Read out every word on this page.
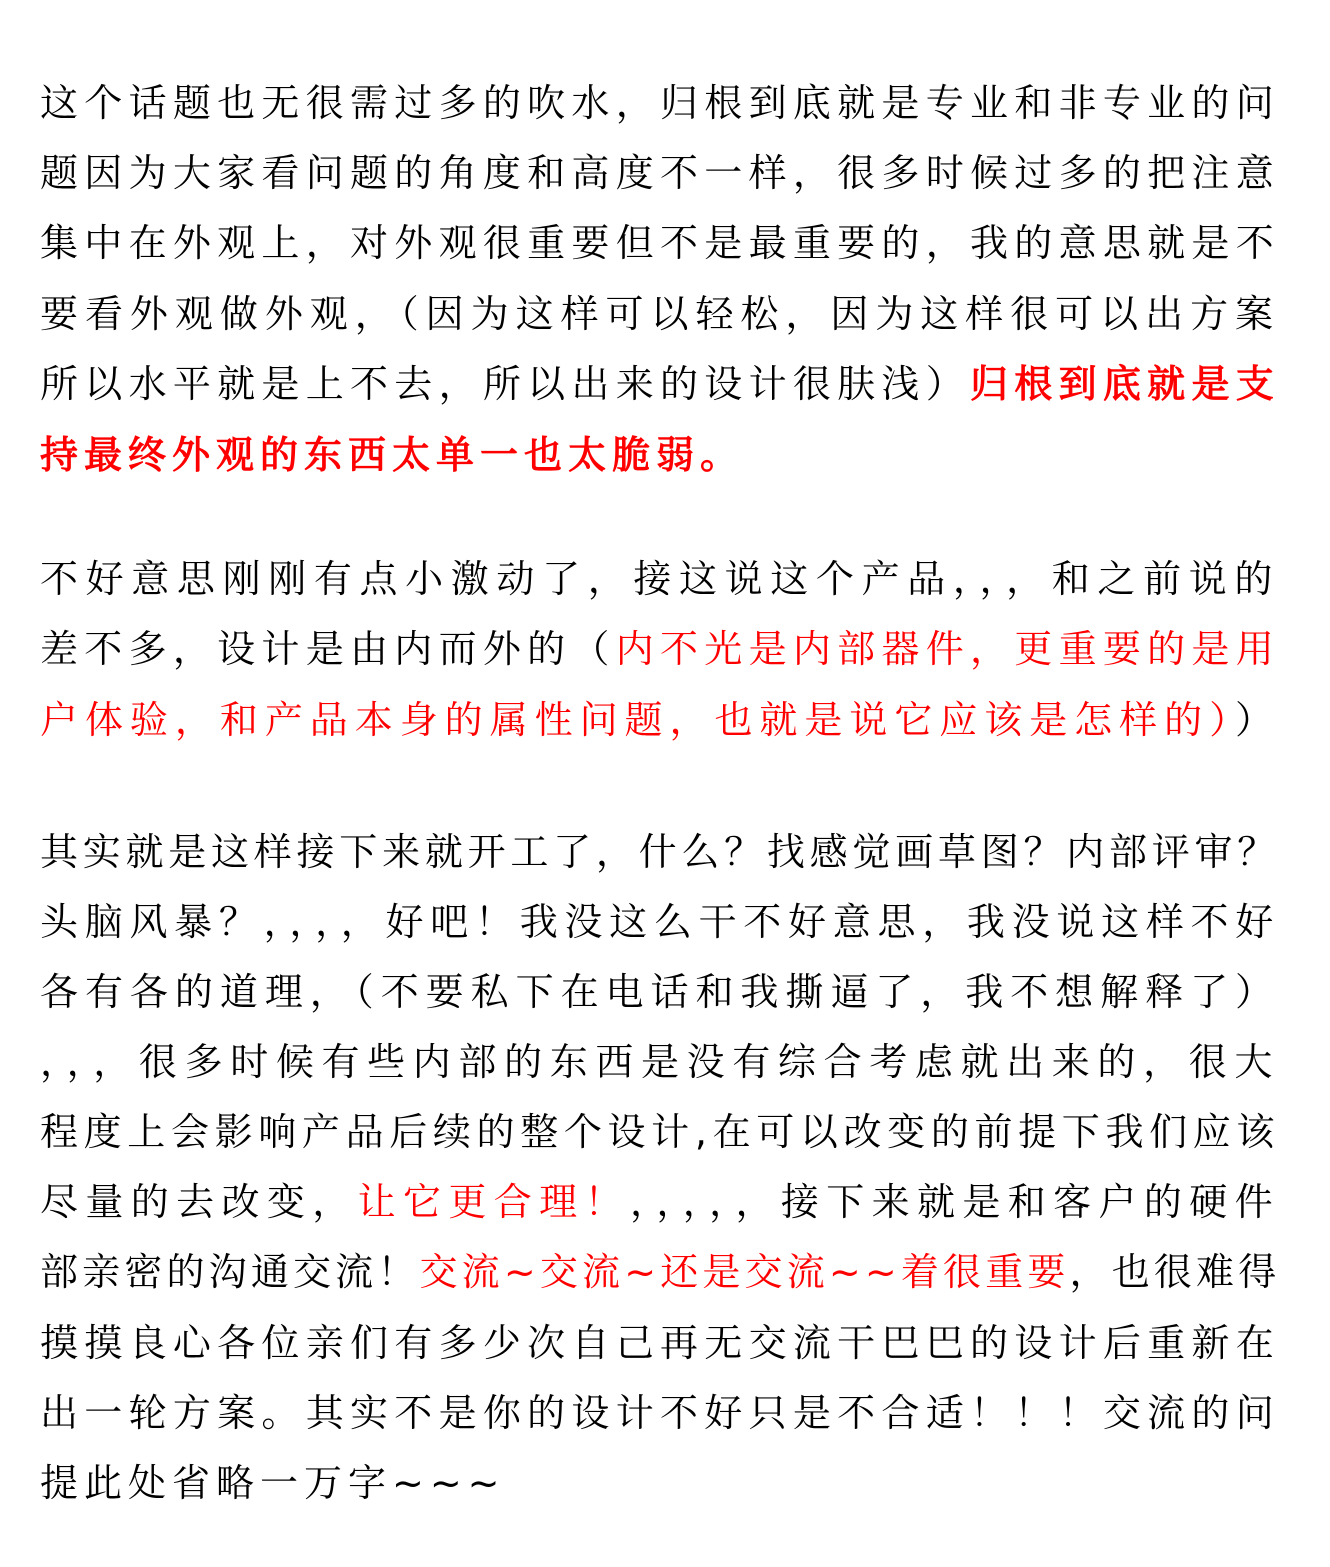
这个话题也无很需过多的吹水，归根到底就是专业和非专业的问
题因为大家看问题的角度和高度不一样，很多时候过多的把注意
集中在外观上，对外观很重要但不是最重要的，我的意思就是不
要看外观做外观，（因为这样可以轻松，因为这样很可以出方案
所以水平就是上不去，所以出来的设计很肤浅）归根到底就是支
持最终外观的东西太单一也太脆弱。
不好意思刚刚有点小激动了，接这说这个产品，，，和之前说的
差不多，设计是由内而外的（内不光是内部器件，更重要的是用
户体验，和产品本身的属性问题，也就是说它应该是怎样的））
其实就是这样接下来就开工了，什么？找感觉画草图？内部评审？
头脑风暴？，，，，好吧！我没这么干不好意思，我没说这样不好
各有各的道理，（不要私下在电话和我撕逼了，我不想解释了）
，，，很多时候有些内部的东西是没有综合考虑就出来的，很大
程度上会影响产品后续的整个设计,在可以改变的前提下我们应该
尽量的去改变，让它更合理！，，，，，接下来就是和客户的硬件
部亲密的沟通交流！交流~交流~还是交流~~着很重要，也很难得
摸摸良心各位亲们有多少次自己再无交流干巴巴的设计后重新在
出一轮方案。其实不是你的设计不好只是不合适！！！交流的问
提此处省略一万字~~~
